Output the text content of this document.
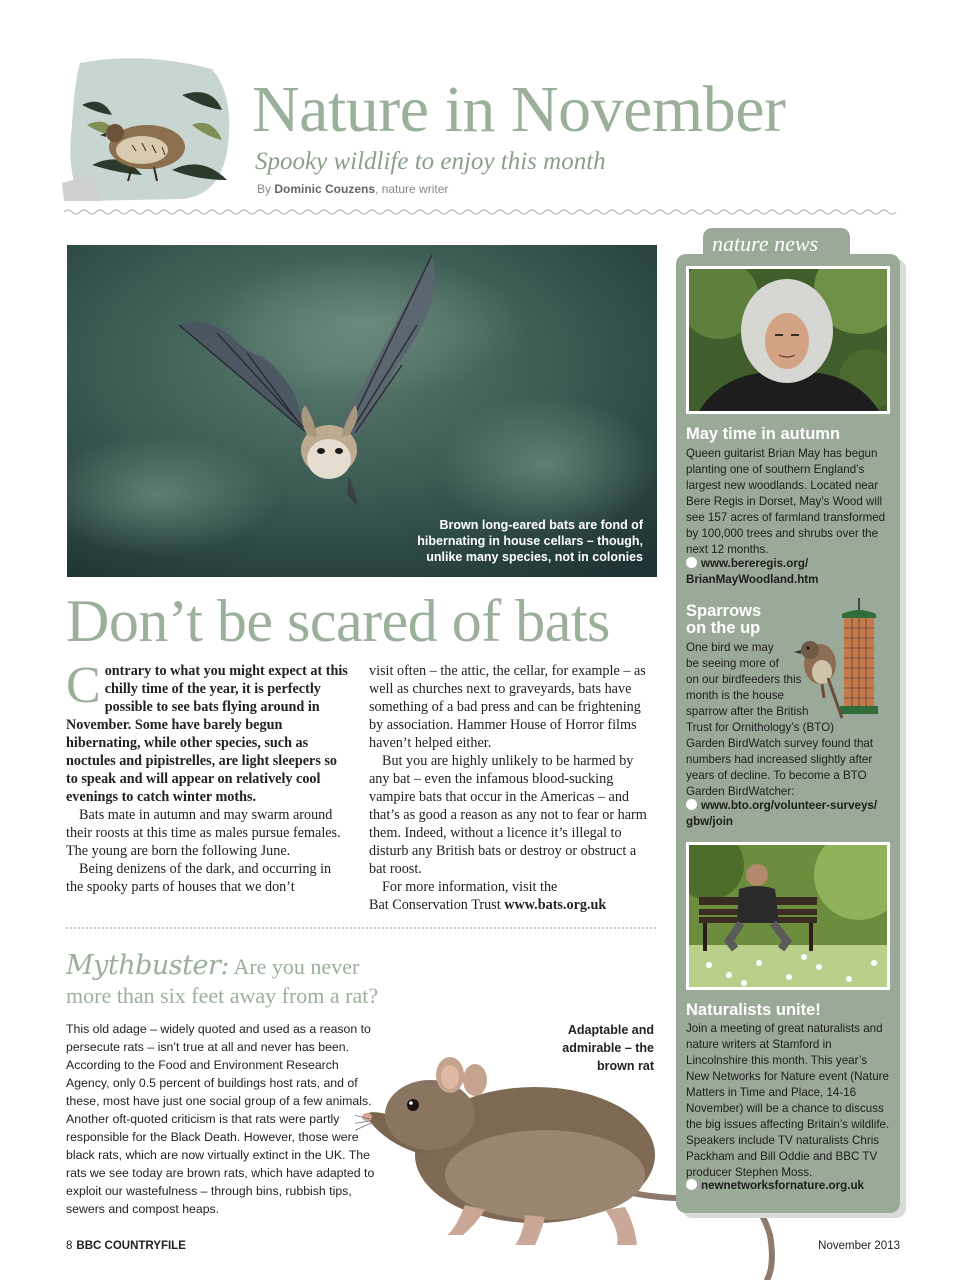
Nature in November
Spooky wildlife to enjoy this month
By Dominic Couzens, nature writer
Brown long-eared bats are fond of
hibernating in house cellars – though,
unlike many species, not in colonies
Don’t be scared of bats

Contrary to what you might expect at this chilly time of the year, it is perfectly possible to see bats flying around in November. Some have barely begun hibernating, while other species, such as noctules and pipistrelles, are light sleepers so to speak and will appear on relatively cool evenings to catch winter moths.

Bats mate in autumn and may swarm around their roosts at this time as males pursue females. The young are born the following June.

Being denizens of the dark, and occurring in the spooky parts of houses that we don’t

visit often – the attic, the cellar, for example – as well as churches next to graveyards, bats have something of a bad press and can be frightening by association. Hammer House of Horror films haven’t helped either.

But you are highly unlikely to be harmed by any bat – even the infamous blood-sucking vampire bats that occur in the Americas – and that’s as good a reason as any not to fear or harm them. Indeed, without a licence it’s illegal to disturb any British bats or destroy or obstruct a bat roost.

For more information, visit the

Bat Conservation Trust www.bats.org.uk

Mythbuster: Are you never
more than six feet away from a rat?
This old adage – widely quoted and used as a reason to persecute rats – isn’t true at all and never has been. According to the Food and Environment Research Agency, only 0.5 percent of buildings host rats, and of these, most have just one social group of a few animals. Another oft-quoted criticism is that rats were partly responsible for the Black Death. However, those were black rats, which are now virtually extinct in the UK. The rats we see today are brown rats, which have adapted to exploit our wastefulness – through bins, rubbish tips, sewers and compost heaps.
Adaptable and
admirable – the
brown rat
nature news
May time in autumn
Queen guitarist Brian May has begun planting one of southern England’s largest new woodlands. Located near Bere Regis in Dorset, May’s Wood will see 157 acres of farmland transformed by 100,000 trees and shrubs over the next 12 months.
www.bereregis.org/
BrianMayWoodland.htm
Sparrows
on the up
One bird we may
be seeing more of
on our birdfeeders this
month is the house
sparrow after the British
Trust for Ornithology’s (BTO)
Garden BirdWatch survey found that
numbers had increased slightly after
years of decline. To become a BTO
Garden BirdWatcher:
www.bto.org/volunteer-surveys/
gbw/join
Naturalists unite!
Join a meeting of great naturalists and nature writers at Stamford in Lincolnshire this month. This year’s New Networks for Nature event (Nature Matters in Time and Place, 14-16 November) will be a chance to discuss the big issues affecting Britain’s wildlife. Speakers include TV naturalists Chris Packham and Bill Oddie and BBC TV producer Stephen Moss.
newnetworksfornature.org.uk
8 BBC COUNTRYFILE	November 2013
